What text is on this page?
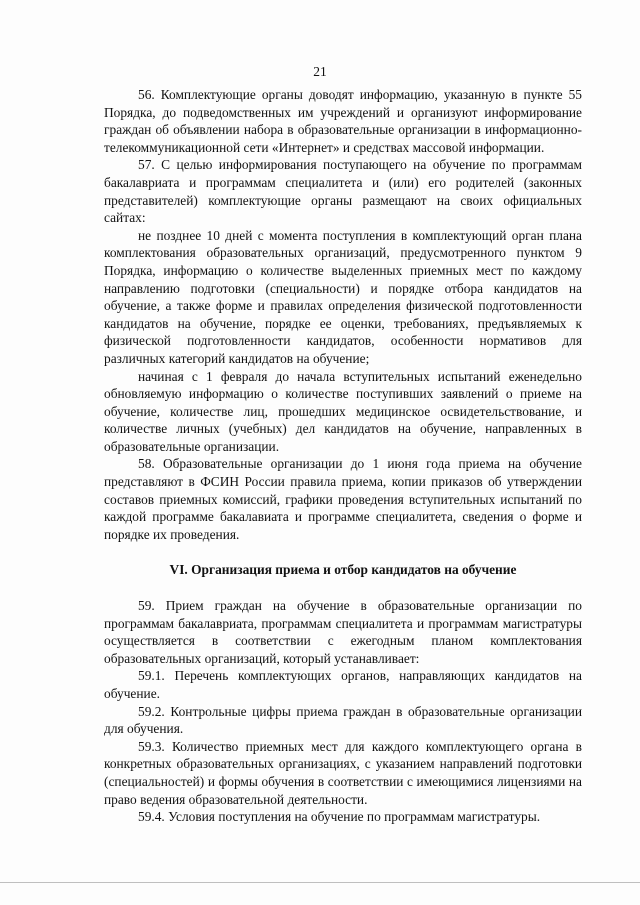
21

56. Комплектующие органы доводят информацию, указанную в пункте 55 Порядка, до подведомственных им учреждений и организуют информирование граждан об объявлении набора в образовательные организации в информационно-телекоммуникационной сети «Интернет» и средствах массовой информации.

57. С целью информирования поступающего на обучение по программам бакалавриата и программам специалитета и (или) его родителей (законных представителей) комплектующие органы размещают на своих официальных сайтах:

не позднее 10 дней с момента поступления в комплектующий орган плана комплектования образовательных организаций, предусмотренного пунктом 9 Порядка, информацию о количестве выделенных приемных мест по каждому направлению подготовки (специальности) и порядке отбора кандидатов на обучение, а также форме и правилах определения физической подготовленности кандидатов на обучение, порядке ее оценки, требованиях, предъявляемых к физической подготовленности кандидатов, особенности нормативов для различных категорий кандидатов на обучение;

начиная с 1 февраля до начала вступительных испытаний еженедельно обновляемую информацию о количестве поступивших заявлений о приеме на обучение, количестве лиц, прошедших медицинское освидетельствование, и количестве личных (учебных) дел кандидатов на обучение, направленных в образовательные организации.

58. Образовательные организации до 1 июня года приема на обучение представляют в ФСИН России правила приема, копии приказов об утверждении составов приемных комиссий, графики проведения вступительных испытаний по каждой программе бакалавиата и программе специалитета, сведения о форме и порядке их проведения.

VI. Организация приема и отбор кандидатов на обучение

59. Прием граждан на обучение в образовательные организации по программам бакалавриата, программам специалитета и программам магистратуры осуществляется в соответствии с ежегодным планом комплектования образовательных организаций, который устанавливает:

59.1. Перечень комплектующих органов, направляющих кандидатов на обучение.

59.2. Контрольные цифры приема граждан в образовательные организации для обучения.

59.3. Количество приемных мест для каждого комплектующего органа в конкретных образовательных организациях, с указанием направлений подготовки (специальностей) и формы обучения в соответствии с имеющимися лицензиями на право ведения образовательной деятельности.

59.4. Условия поступления на обучение по программам магистратуры.
